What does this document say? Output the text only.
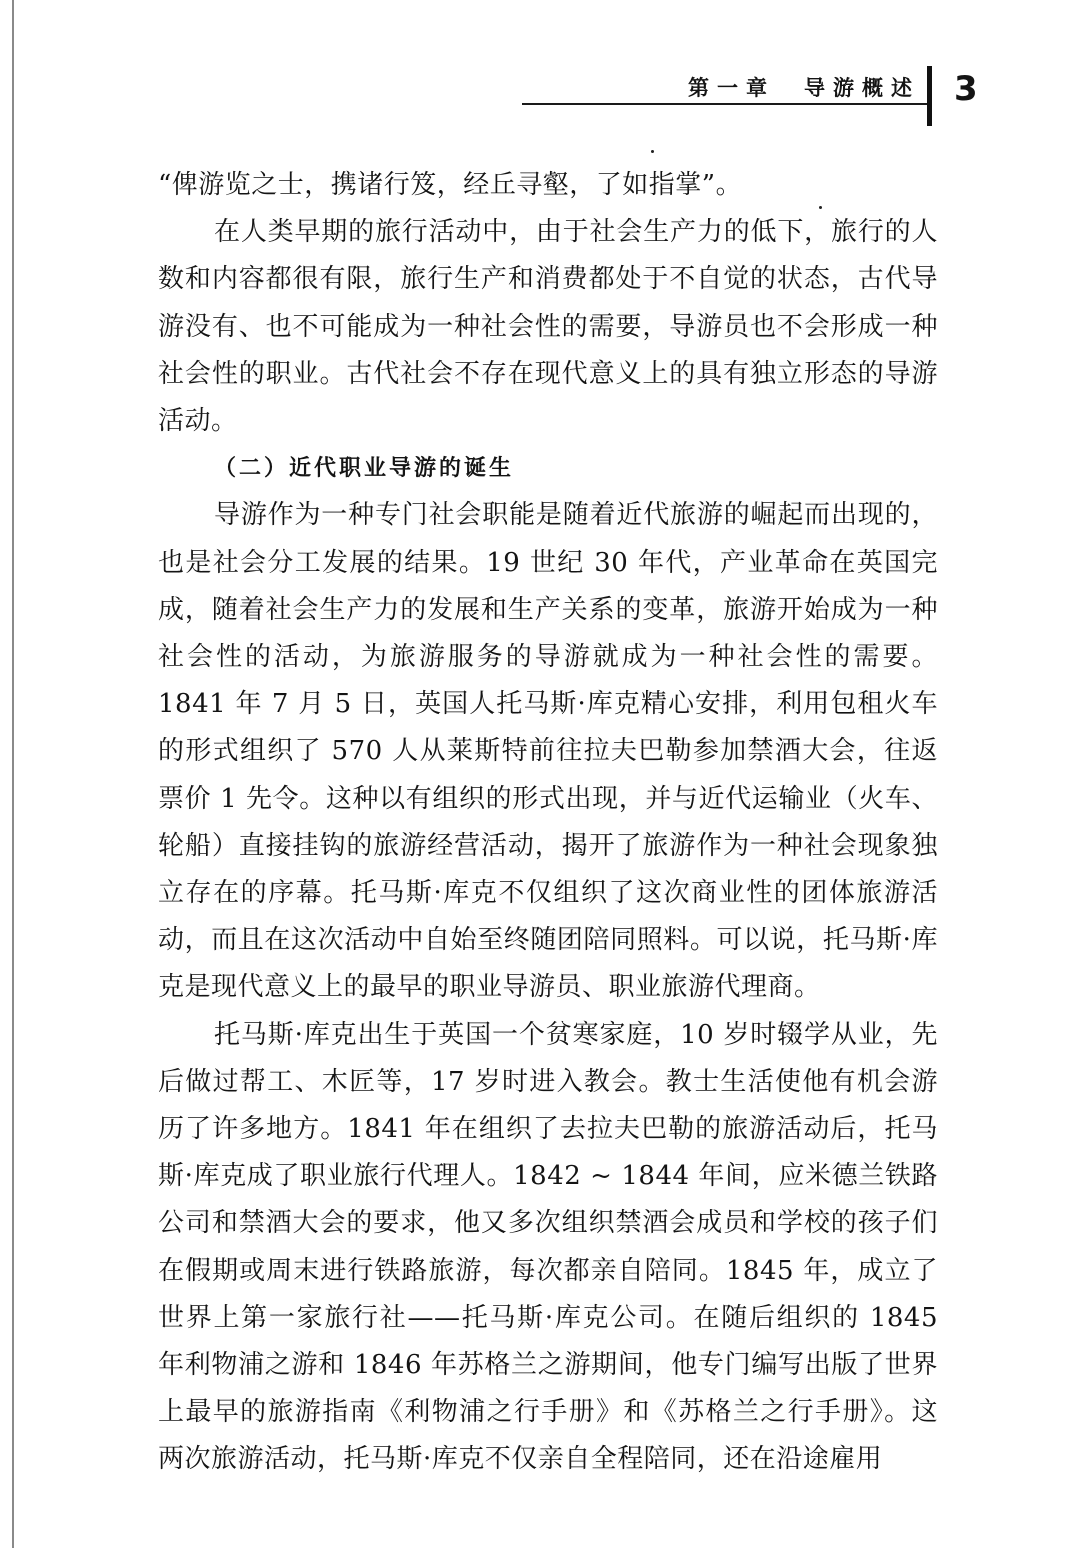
第一章　导游概述 3

“俾游览之士，携诸行笈，经丘寻壑，了如指掌”。

在人类早期的旅行活动中，由于社会生产力的低下，旅行的人数和内容都很有限，旅行生产和消费都处于不自觉的状态，古代导游没有、也不可能成为一种社会性的需要，导游员也不会形成一种社会性的职业。古代社会不存在现代意义上的具有独立形态的导游活动。

（二）近代职业导游的诞生

导游作为一种专门社会职能是随着近代旅游的崛起而出现的，也是社会分工发展的结果。19 世纪 30 年代，产业革命在英国完成，随着社会生产力的发展和生产关系的变革，旅游开始成为一种社会性的活动，为旅游服务的导游就成为一种社会性的需要。1841 年 7 月 5 日，英国人托马斯·库克精心安排，利用包租火车的形式组织了 570 人从莱斯特前往拉夫巴勒参加禁酒大会，往返票价 1 先令。这种以有组织的形式出现，并与近代运输业（火车、轮船）直接挂钩的旅游经营活动，揭开了旅游作为一种社会现象独立存在的序幕。托马斯·库克不仅组织了这次商业性的团体旅游活动，而且在这次活动中自始至终随团陪同照料。可以说，托马斯·库克是现代意义上的最早的职业导游员、职业旅游代理商。

托马斯·库克出生于英国一个贫寒家庭，10 岁时辍学从业，先后做过帮工、木匠等，17 岁时进入教会。教士生活使他有机会游历了许多地方。1841 年在组织了去拉夫巴勒的旅游活动后，托马斯·库克成了职业旅行代理人。1842 ~ 1844 年间，应米德兰铁路公司和禁酒大会的要求，他又多次组织禁酒会成员和学校的孩子们在假期或周末进行铁路旅游，每次都亲自陪同。1845 年，成立了世界上第一家旅行社——托马斯·库克公司。在随后组织的 1845 年利物浦之游和 1846 年苏格兰之游期间，他专门编写出版了世界上最早的旅游指南《利物浦之行手册》和《苏格兰之行手册》。这两次旅游活动，托马斯·库克不仅亲自全程陪同，还在沿途雇用
